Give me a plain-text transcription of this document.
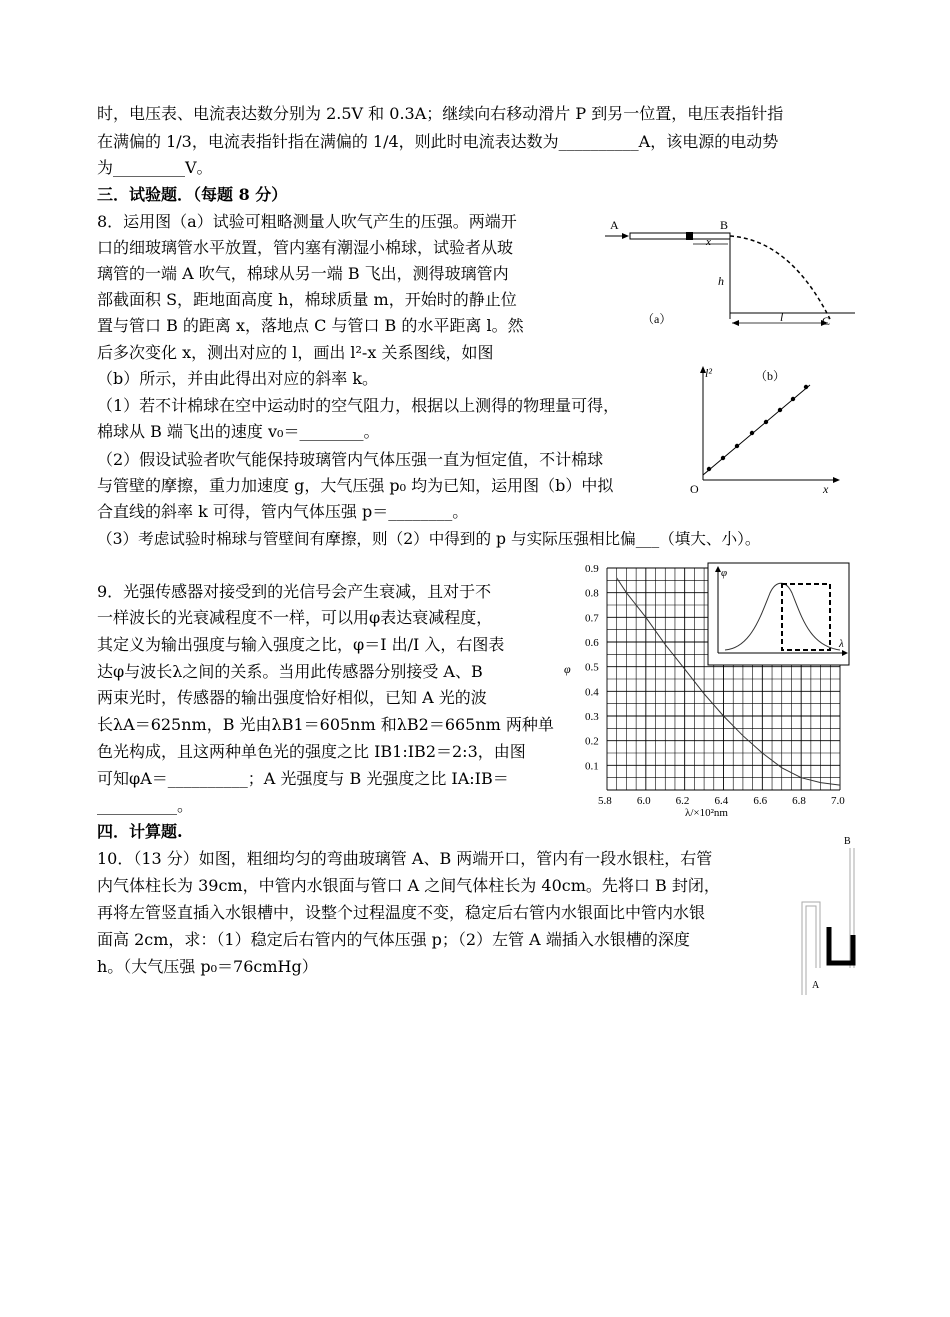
时，电压表、电流表达数分别为 2.5V 和 0.3A；继续向右移动滑片 P 到另一位置，电压表指针指
在满偏的 1/3，电流表指针指在满偏的 1/4，则此时电流表达数为__________A，该电源的电动势
为_________V。
三．试验题．（每题 8 分）
8．运用图（a）试验可粗略测量人吹气产生的压强。两端开
口的细玻璃管水平放置，管内塞有潮湿小棉球，试验者从玻
璃管的一端 A 吹气，棉球从另一端 B 飞出，测得玻璃管内
部截面积 S，距地面高度 h，棉球质量 m，开始时的静止位
置与管口 B 的距离 x，落地点 C 与管口 B 的水平距离 l。然
后多次变化 x，测出对应的 l，画出 l²-x 关系图线，如图
（b）所示，并由此得出对应的斜率 k。
（1）若不计棉球在空中运动时的空气阻力，根据以上测得的物理量可得，
棉球从 B 端飞出的速度 v₀＝________。
（2）假设试验者吹气能保持玻璃管内气体压强一直为恒定值，不计棉球
与管壁的摩擦，重力加速度 g，大气压强 p₀ 均为已知，运用图（b）中拟
合直线的斜率 k 可得，管内气体压强 p＝________。
（3）考虑试验时棉球与管壁间有摩擦，则（2）中得到的 p 与实际压强相比偏___（填大、小）。
A	B
x
h
l	C
（a）
l²	（b）
O	x
9．光强传感器对接受到的光信号会产生衰减，且对于不
一样波长的光衰减程度不一样，可以用φ表达衰减程度，
其定义为输出强度与输入强度之比，φ＝I 出/I 入，右图表
达φ与波长λ之间的关系。当用此传感器分别接受 A、B
两束光时，传感器的输出强度恰好相似，已知 A 光的波
长λA＝625nm，B 光由λB1＝605nm 和λB2＝665nm 两种单
色光构成，且这两种单色光的强度之比 IB1:IB2＝2:3，由图
可知φA＝__________；A 光强度与 B 光强度之比 IA:IB＝
__________。	5.8 6.0 6.2 6.4 6.6 6.8 7.0
0.1
0.2
0.3
0.4
0.5
0.6
0.7
0.8
0.9
φ
λ/×10²nm
φ
λ
四．计算题.
10．（13 分）如图，粗细均匀的弯曲玻璃管 A、B 两端开口，管内有一段水银柱，右管
内气体柱长为 39cm，中管内水银面与管口 A 之间气体柱长为 40cm。先将口 B 封闭，
再将左管竖直插入水银槽中，设整个过程温度不变，稳定后右管内水银面比中管内水银
面高 2cm，求：（1）稳定后右管内的气体压强 p；（2）左管 A 端插入水银槽的深度
h。（大气压强 p₀＝76cmHg）
B
A
